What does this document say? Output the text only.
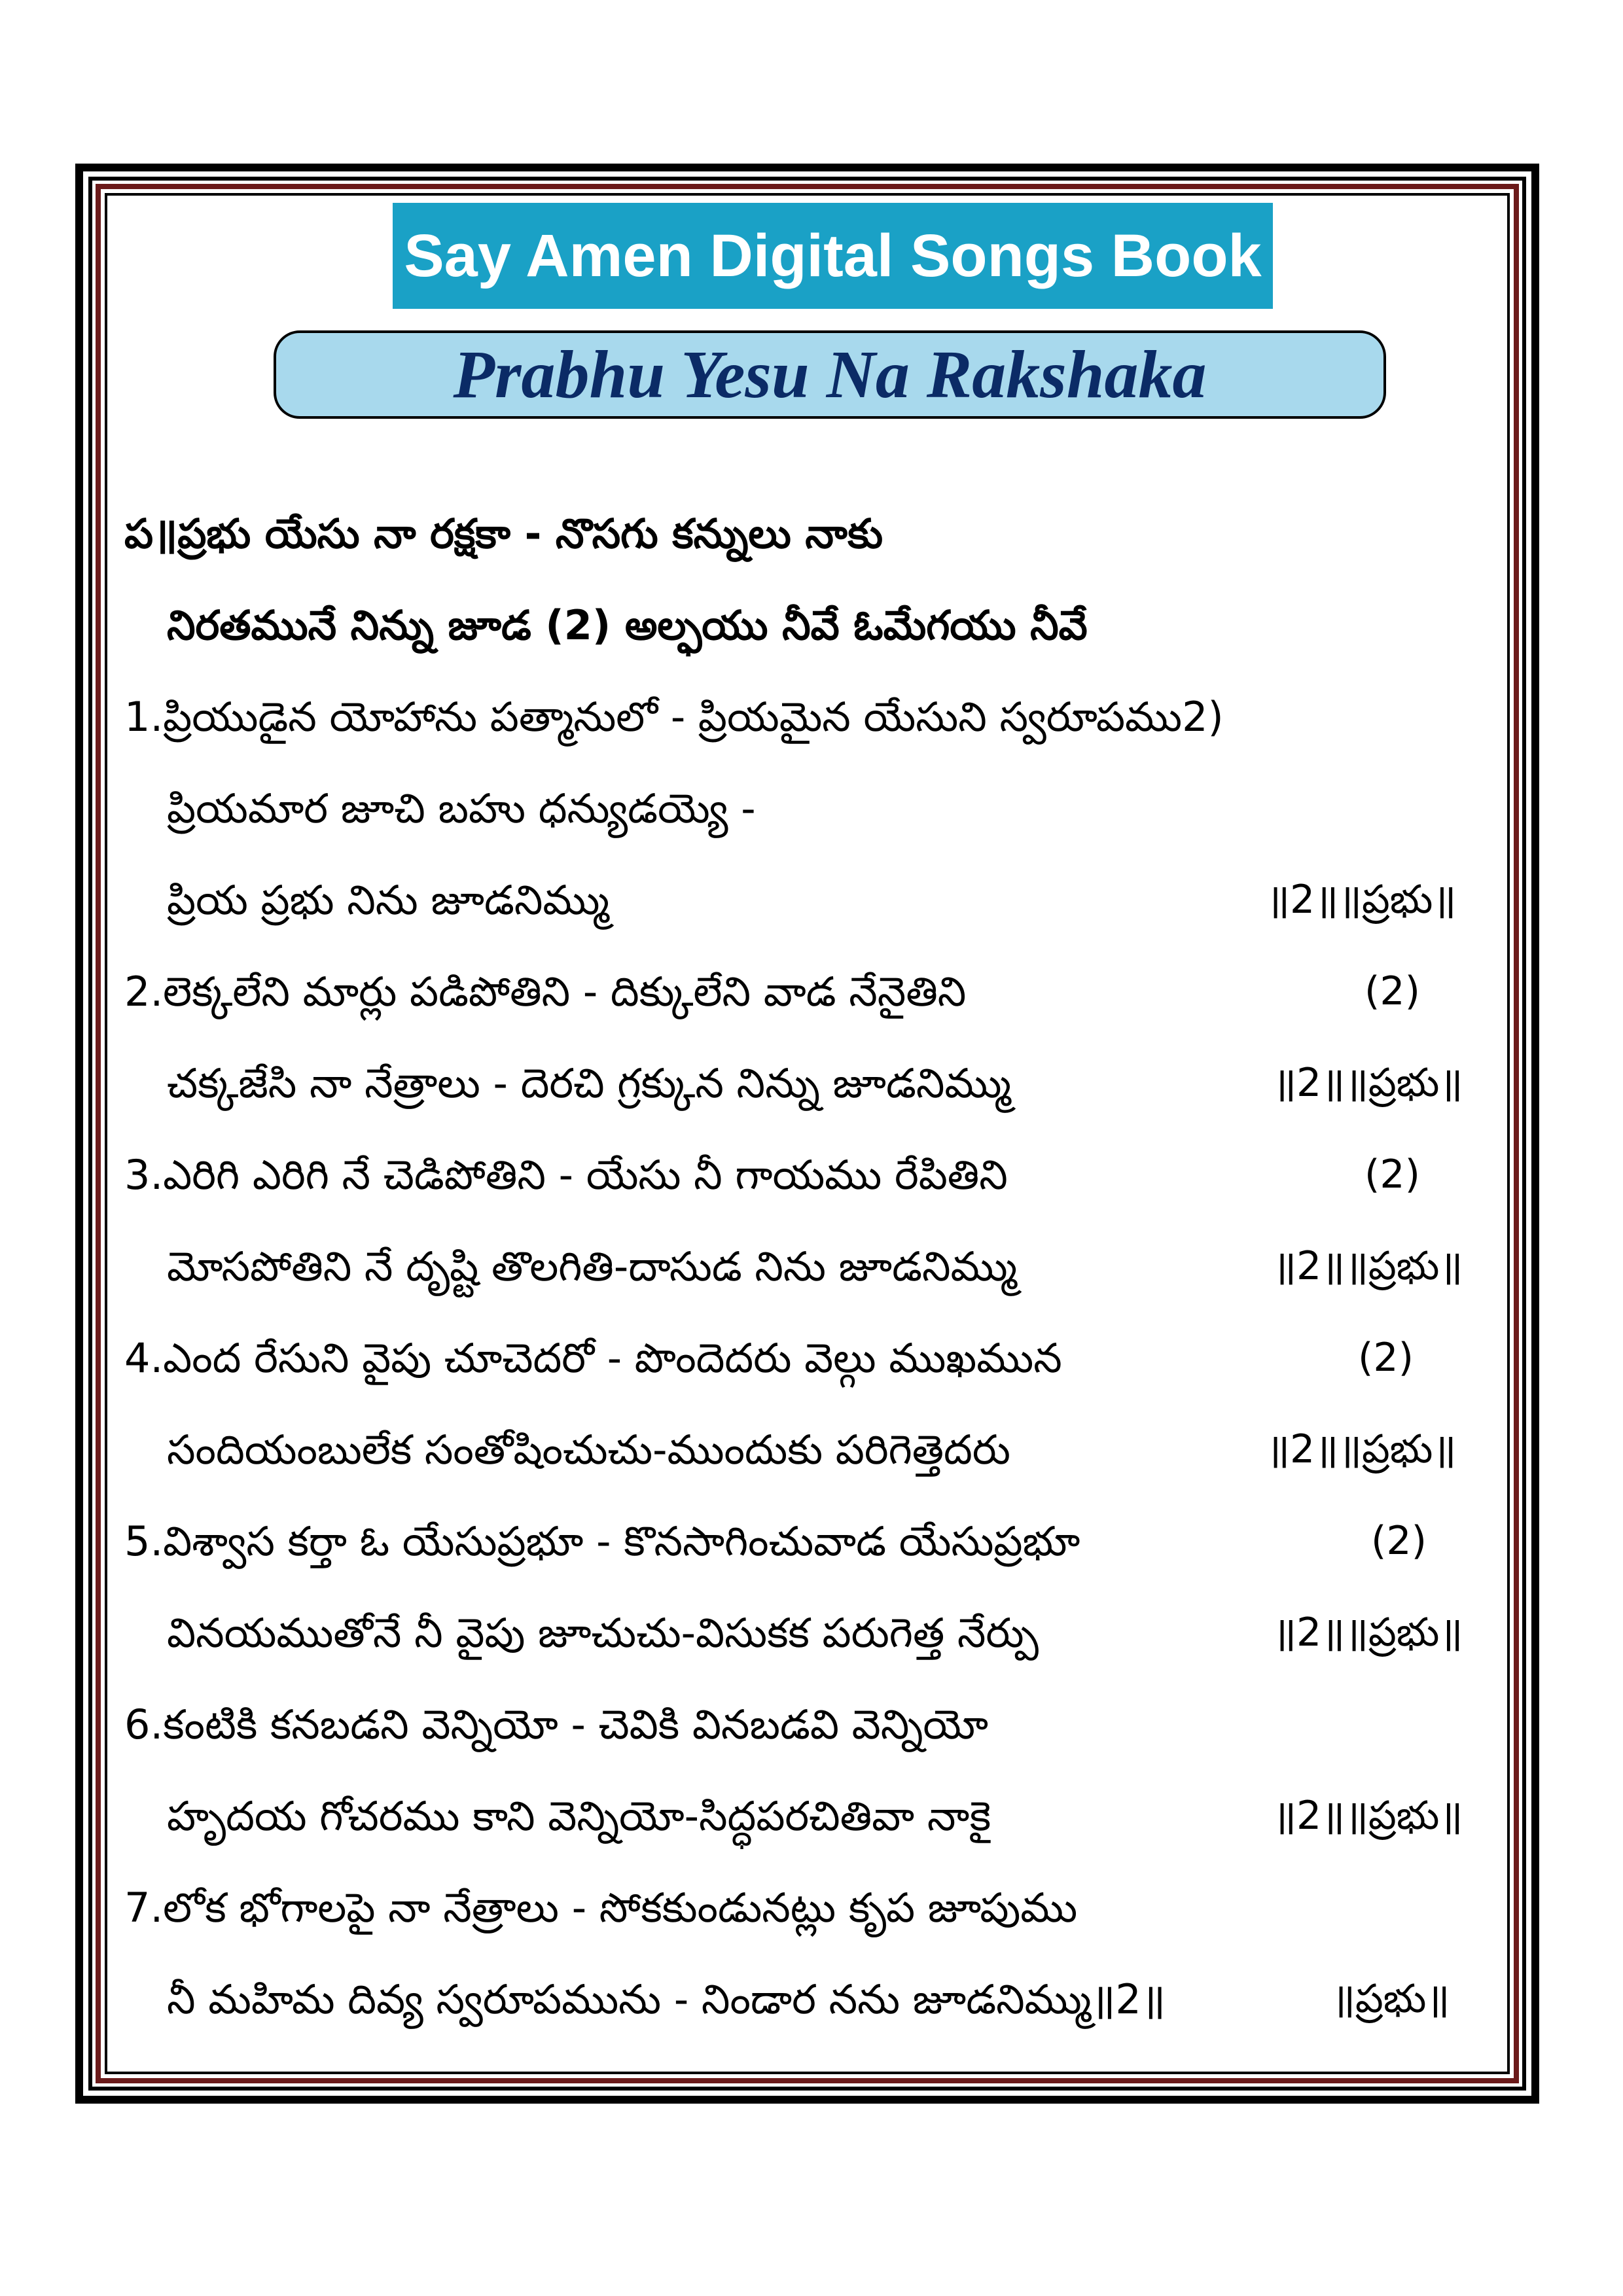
Say Amen Digital Songs Book
Prabhu Yesu Na Rakshaka
ప॥ప్రభు యేసు నా రక్షకా - నొసగు కన్నులు నాకు
నిరతమునే నిన్ను జూడ (2) అల్ఫయు నీవే ఓమేగయు నీవే
1.ప్రియుడైన యోహాను పత్మానులో - ప్రియమైన యేసుని స్వరూపము2)
ప్రియమార జూచి బహు ధన్యుడయ్యె -
ప్రియ ప్రభు నిను జూడనిమ్ము	॥2॥॥ప్రభు॥
2.లెక్కలేని మార్లు పడిపోతిని - దిక్కులేని వాడ నేనైతిని	(2)
చక్కజేసి నా నేత్రాలు - దెరచి గ్రక్కున నిన్ను జూడనిమ్ము	॥2॥॥ప్రభు॥
3.ఎరిగి ఎరిగి నే చెడిపోతిని - యేసు నీ గాయము రేపితిని	(2)
మోసపోతిని నే దృష్టి తొలగితి-దాసుడ నిను జూడనిమ్ము	॥2॥॥ప్రభు॥
4.ఎంద రేసుని వైపు చూచెదరో - పొందెదరు వెల్గు ముఖమున	(2)
సందియంబులేక సంతోషించుచు-ముందుకు పరిగెత్తెదరు	॥2॥॥ప్రభు॥
5.విశ్వాస కర్తా ఓ యేసుప్రభూ - కొనసాగించువాడ యేసుప్రభూ	(2)
వినయముతోనే నీ వైపు జూచుచు-విసుకక పరుగెత్త నేర్పు	॥2॥॥ప్రభు॥
6.కంటికి కనబడని వెన్నియో - చెవికి వినబడవి వెన్నియో
హృదయ గోచరము కాని వెన్నియో-సిద్ధపరచితివా నాకై	॥2॥॥ప్రభు॥
7.లోక భోగాలపై నా నేత్రాలు - సోకకుండునట్లు కృప జూపుము
నీ మహిమ దివ్య స్వరూపమును - నిండార నను జూడనిమ్ము॥2॥	॥ప్రభు॥
